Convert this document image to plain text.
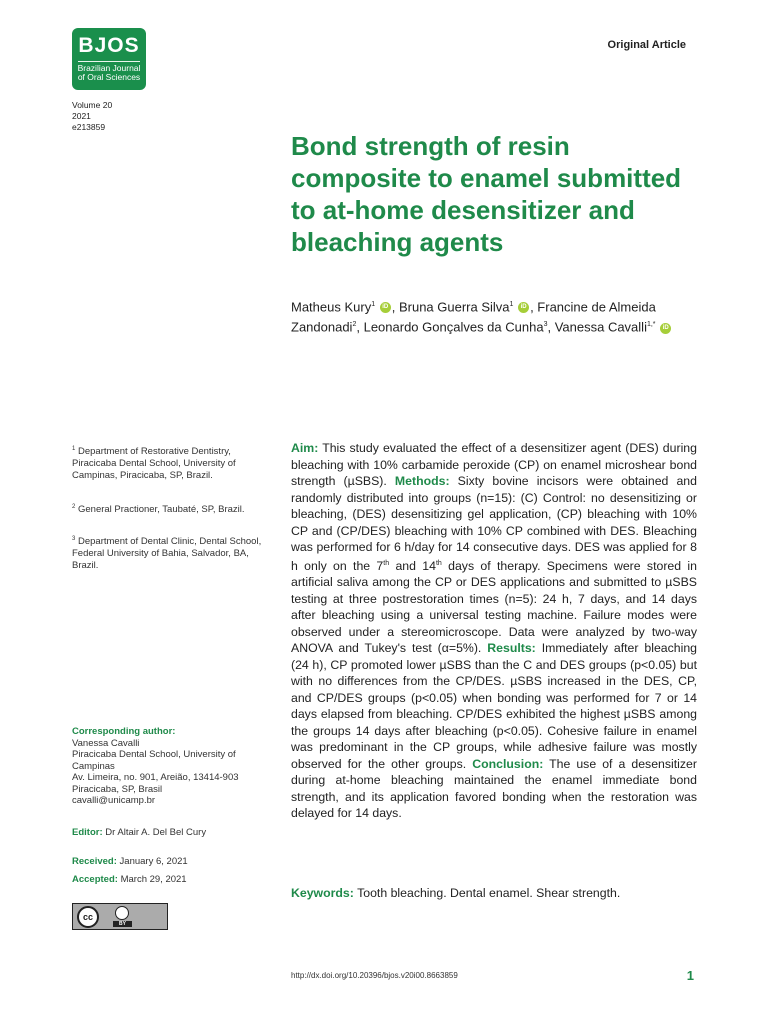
BJOS
Brazilian Journal
of Oral Sciences
Original Article
Volume 20
2021
e213859
Bond strength of resin composite to enamel submitted to at-home desensitizer and bleaching agents
Matheus Kury$^1$ iD , Bruna Guerra Silva$^1$ iD , Francine de Almeida Zandonadi$^2$, Leonardo Gonçalves da Cunha$^3$, Vanessa Cavalli$^{1,*}$ iD
$^1$ Department of Restorative Dentistry, Piracicaba Dental School, University of Campinas, Piracicaba, SP, Brazil.
$^2$ General Practioner, Taubaté, SP, Brazil.
$^3$ Department of Dental Clinic, Dental School, Federal University of Bahia, Salvador, BA, Brazil.
Corresponding author:
Vanessa Cavalli
Piracicaba Dental School, University of Campinas
Av. Limeira, no. 901, Areião, 13414-903
Piracicaba, SP, Brasil
cavalli@unicamp.br
Editor: Dr Altair A. Del Bel Cury
Received: January 6, 2021
Accepted: March 29, 2021
Aim: This study evaluated the effect of a desensitizer agent (DES) during bleaching with 10% carbamide peroxide (CP) on enamel microshear bond strength (µSBS). Methods: Sixty bovine incisors were obtained and randomly distributed into groups (n=15): (C) Control: no desensitizing or bleaching, (DES) desensitizing gel application, (CP) bleaching with 10% CP and (CP/DES) bleaching with 10% CP combined with DES. Bleaching was performed for 6 h/day for 14 consecutive days. DES was applied for 8 h only on the 7th and 14th days of therapy. Specimens were stored in artificial saliva among the CP or DES applications and submitted to µSBS testing at three postrestoration times (n=5): 24 h, 7 days, and 14 days after bleaching using a universal testing machine. Failure modes were observed under a stereomicroscope. Data were analyzed by two-way ANOVA and Tukey's test (α=5%). Results: Immediately after bleaching (24 h), CP promoted lower µSBS than the C and DES groups (p<0.05) but with no differences from the CP/DES. µSBS increased in the DES, CP, and CP/DES groups (p<0.05) when bonding was performed for 7 or 14 days elapsed from bleaching. CP/DES exhibited the highest µSBS among the groups 14 days after bleaching (p<0.05). Cohesive failure in enamel was predominant in the CP groups, while adhesive failure was mostly observed for the other groups. Conclusion: The use of a desensitizer during at-home bleaching maintained the enamel immediate bond strength, and its application favored bonding when the restoration was delayed for 14 days.
Keywords: Tooth bleaching. Dental enamel. Shear strength.
cc
BY
http://dx.doi.org/10.20396/bjos.v20i00.8663859	1
